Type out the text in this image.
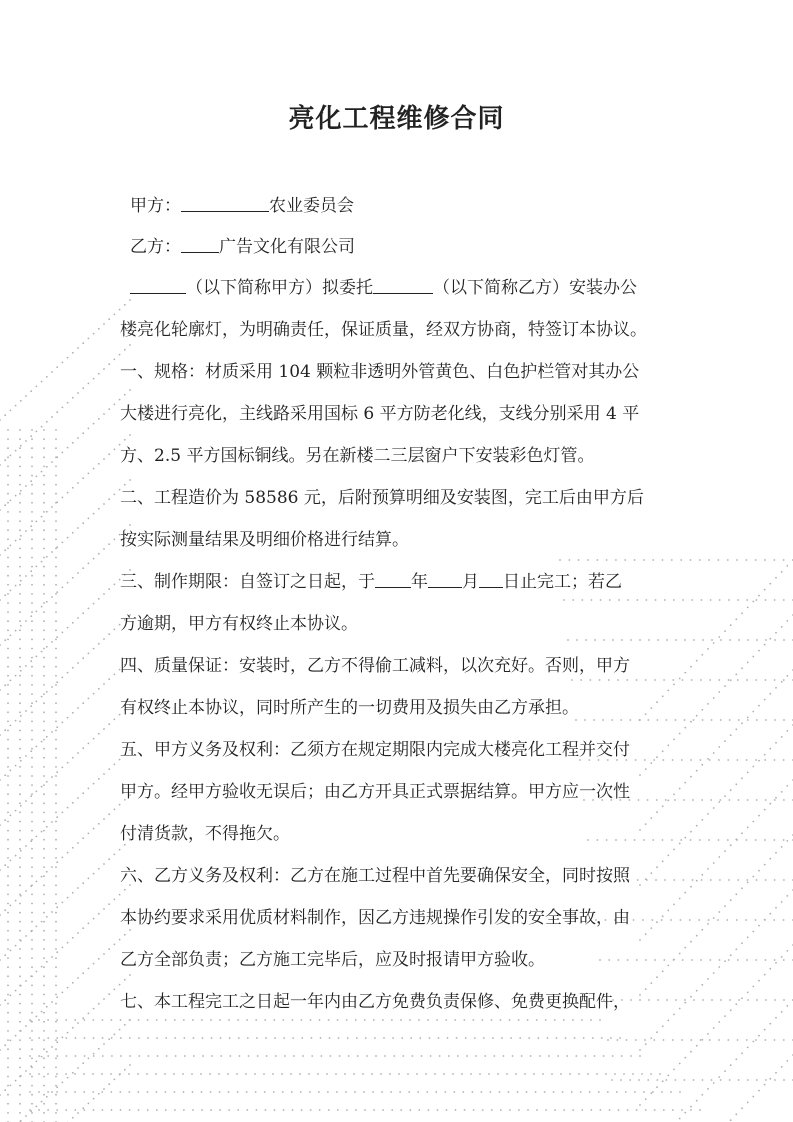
亮化工程维修合同
甲方：	农业委员会
乙方： 广告文化有限公司
（以下简称甲方）拟委托	（以下简称乙方）安装办公
楼亮化轮廓灯，为明确责任，保证质量，经双方协商，特签订本协议。
一、规格：材质采用 104 颗粒非透明外管黄色、白色护栏管对其办公
大楼进行亮化，主线路采用国标 6 平方防老化线，支线分别采用 4 平
方、2.5 平方国标铜线。另在新楼二三层窗户下安装彩色灯管。
二、工程造价为 58586 元，后附预算明细及安装图，完工后由甲方后
按实际测量结果及明细价格进行结算。
三、制作期限：自签订之日起，于 年 月 日止完工；若乙
方逾期，甲方有权终止本协议。
四、质量保证：安装时，乙方不得偷工减料，以次充好。否则，甲方
有权终止本协议，同时所产生的一切费用及损失由乙方承担。
五、甲方义务及权利：乙须方在规定期限内完成大楼亮化工程并交付
甲方。经甲方验收无误后；由乙方开具正式票据结算。甲方应一次性
付清货款，不得拖欠。
六、乙方义务及权利：乙方在施工过程中首先要确保安全，同时按照
本协约要求采用优质材料制作，因乙方违规操作引发的安全事故，由
乙方全部负责；乙方施工完毕后，应及时报请甲方验收。
七、本工程完工之日起一年内由乙方免费负责保修、免费更换配件，
